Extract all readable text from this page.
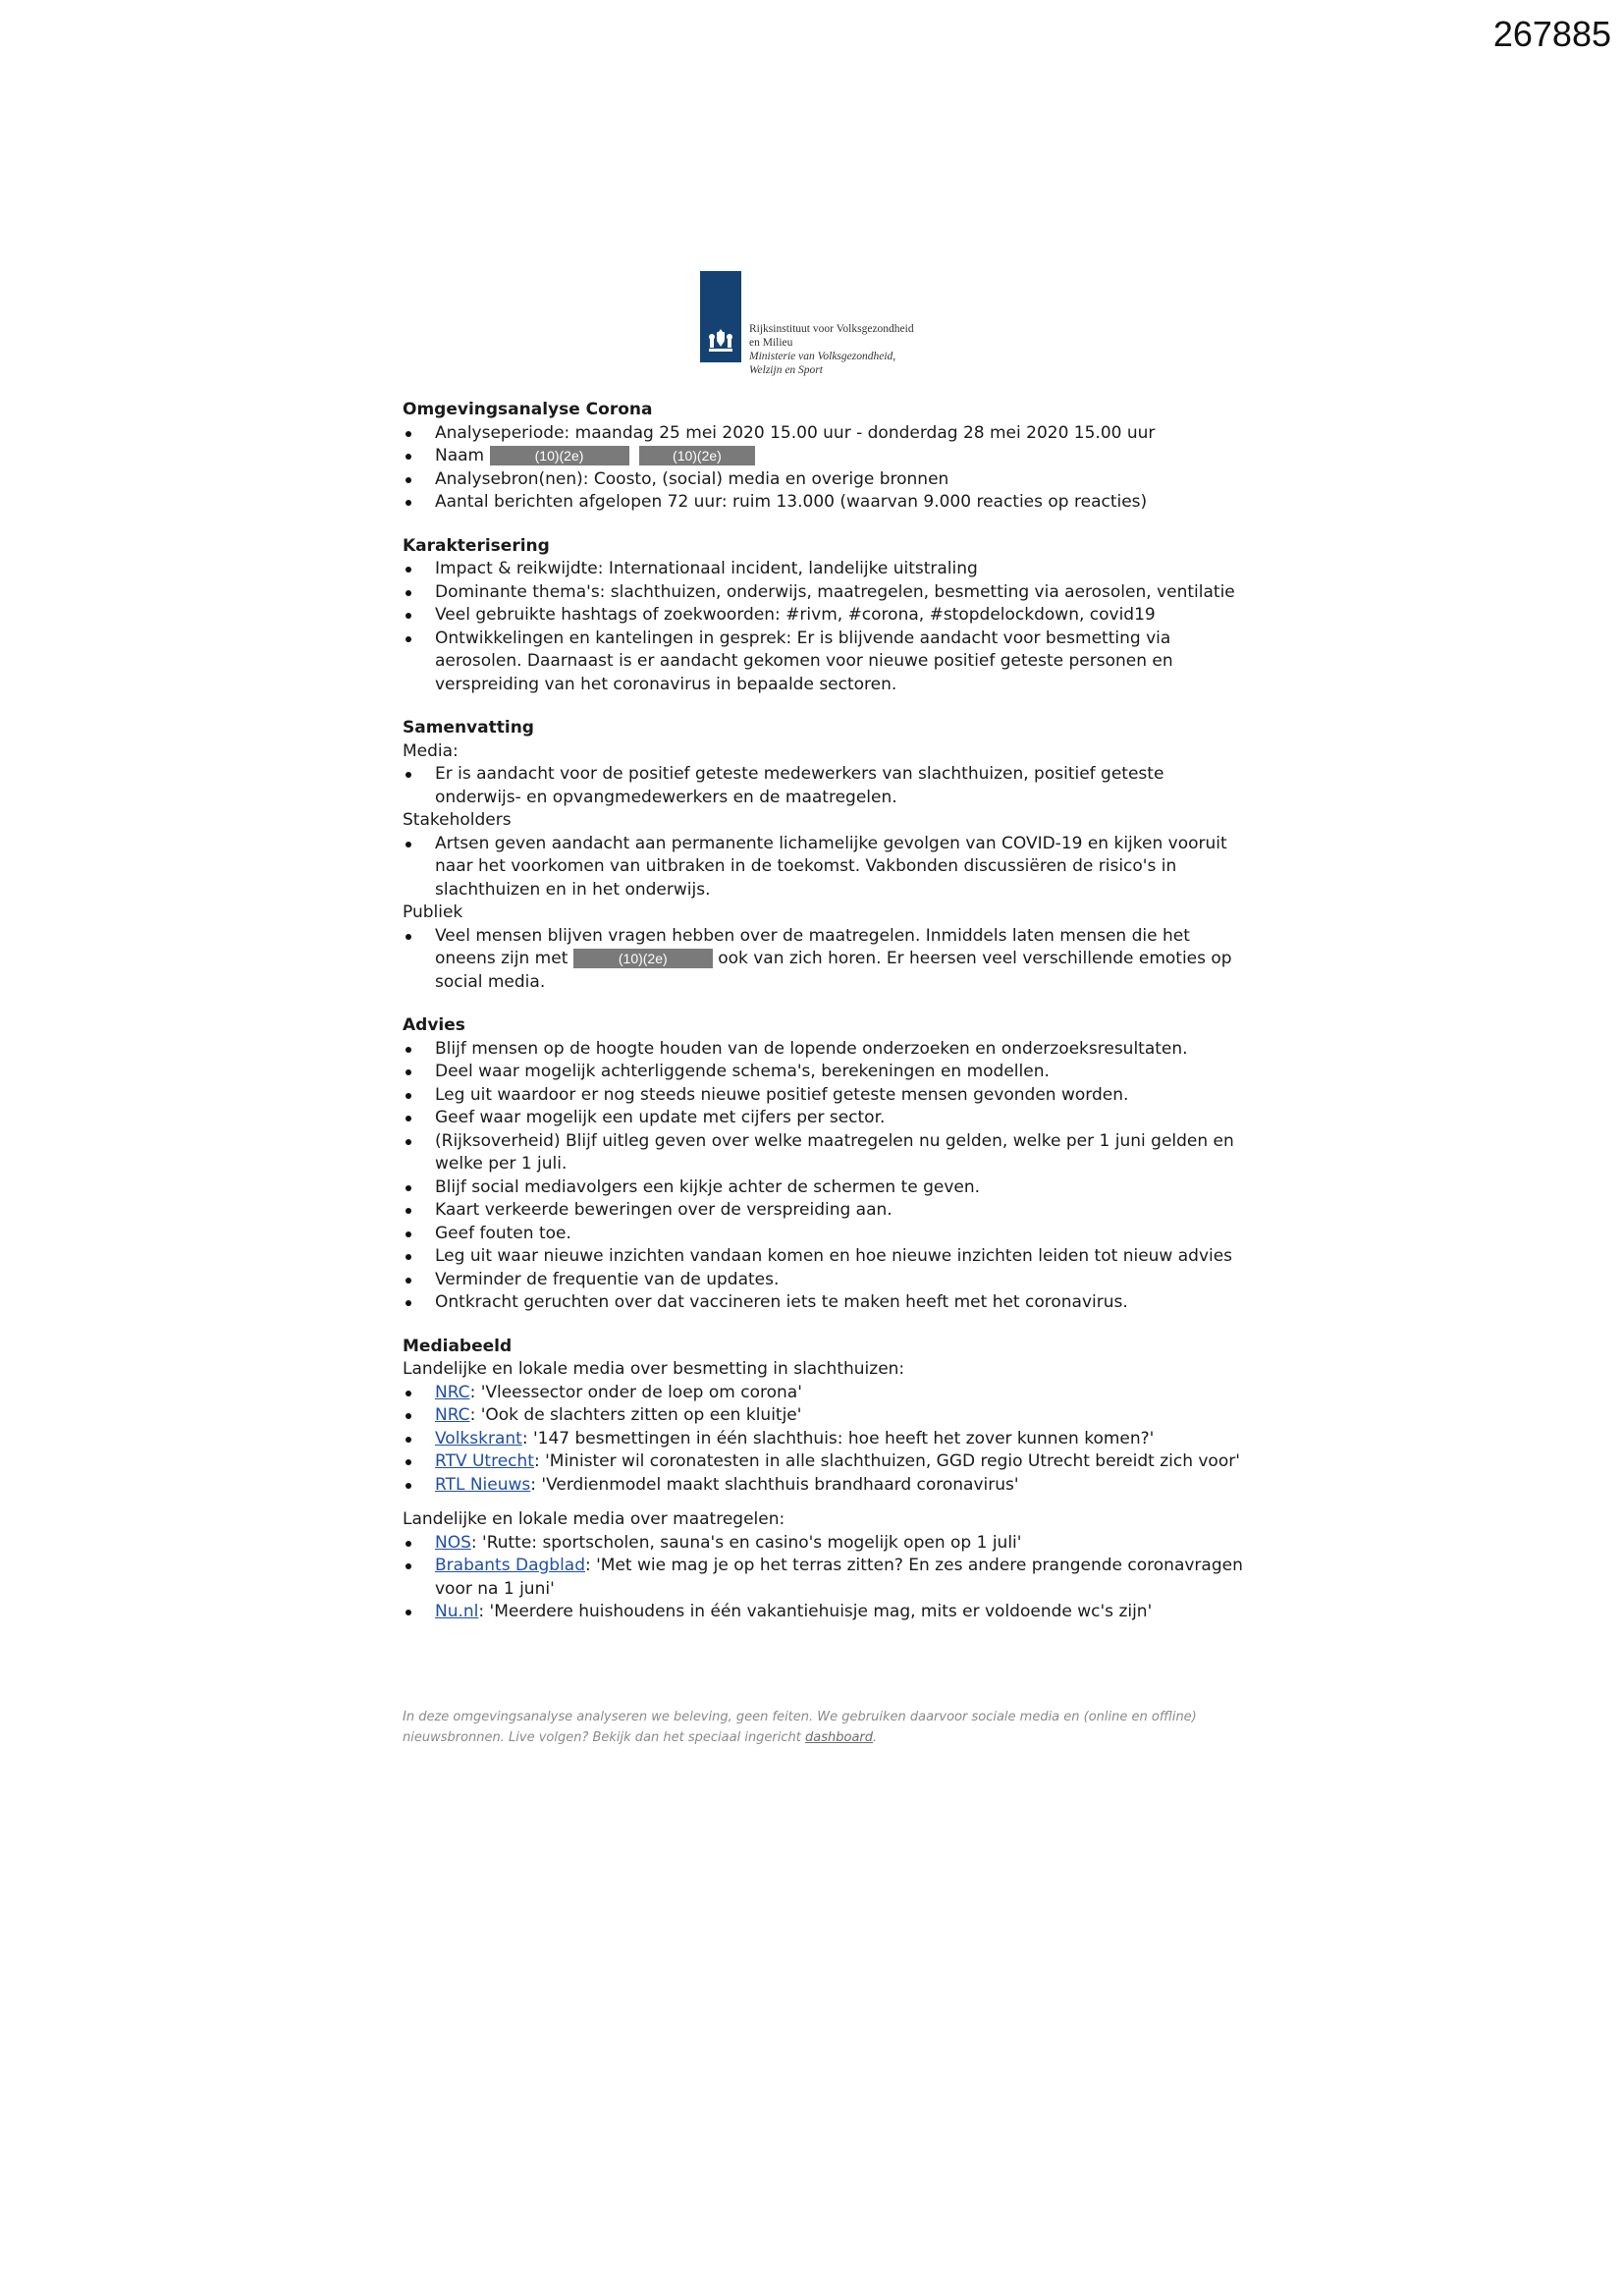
267885
Rijksinstituut voor Volksgezondheid
en Milieu
Ministerie van Volksgezondheid,
Welzijn en Sport

Omgevingsanalyse Corona

Analyseperiode: maandag 25 mei 2020 15.00 uur - donderdag 28 mei 2020 15.00 uur
Naam	(10)(2e)	(10)(2e)
Analysebron(nen): Coosto, (social) media en overige bronnen
Aantal berichten afgelopen 72 uur: ruim 13.000 (waarvan 9.000 reacties op reacties)

Karakterisering

Impact & reikwijdte: Internationaal incident, landelijke uitstraling
Dominante thema's: slachthuizen, onderwijs, maatregelen, besmetting via aerosolen, ventilatie
Veel gebruikte hashtags of zoekwoorden: #rivm, #corona, #stopdelockdown, covid19
Ontwikkelingen en kantelingen in gesprek: Er is blijvende aandacht voor besmetting via aerosolen. Daarnaast is er aandacht gekomen voor nieuwe positief geteste personen en verspreiding van het coronavirus in bepaalde sectoren.

Samenvatting

Media:

Er is aandacht voor de positief geteste medewerkers van slachthuizen, positief geteste onderwijs- en opvangmedewerkers en de maatregelen.

Stakeholders

Artsen geven aandacht aan permanente lichamelijke gevolgen van COVID-19 en kijken vooruit naar het voorkomen van uitbraken in de toekomst. Vakbonden discussiëren de risico's in slachthuizen en in het onderwijs.

Publiek

Veel mensen blijven vragen hebben over de maatregelen. Inmiddels laten mensen die het oneens zijn met	(10)(2e)	ook van zich horen. Er heersen veel verschillende emoties op social media.

Advies

Blijf mensen op de hoogte houden van de lopende onderzoeken en onderzoeksresultaten.
Deel waar mogelijk achterliggende schema's, berekeningen en modellen.
Leg uit waardoor er nog steeds nieuwe positief geteste mensen gevonden worden.
Geef waar mogelijk een update met cijfers per sector.
(Rijksoverheid) Blijf uitleg geven over welke maatregelen nu gelden, welke per 1 juni gelden en welke per 1 juli.
Blijf social mediavolgers een kijkje achter de schermen te geven.
Kaart verkeerde beweringen over de verspreiding aan.
Geef fouten toe.
Leg uit waar nieuwe inzichten vandaan komen en hoe nieuwe inzichten leiden tot nieuw advies
Verminder de frequentie van de updates.
Ontkracht geruchten over dat vaccineren iets te maken heeft met het coronavirus.

Mediabeeld

Landelijke en lokale media over besmetting in slachthuizen:

NRC: 'Vleessector onder de loep om corona'
NRC: 'Ook de slachters zitten op een kluitje'
Volkskrant: '147 besmettingen in één slachthuis: hoe heeft het zover kunnen komen?'
RTV Utrecht: 'Minister wil coronatesten in alle slachthuizen, GGD regio Utrecht bereidt zich voor'
RTL Nieuws: 'Verdienmodel maakt slachthuis brandhaard coronavirus'

Landelijke en lokale media over maatregelen:

NOS: 'Rutte: sportscholen, sauna's en casino's mogelijk open op 1 juli'
Brabants Dagblad: 'Met wie mag je op het terras zitten? En zes andere prangende coronavragen voor na 1 juni'
Nu.nl: 'Meerdere huishoudens in één vakantiehuisje mag, mits er voldoende wc's zijn'
In deze omgevingsanalyse analyseren we beleving, geen feiten. We gebruiken daarvoor sociale media en (online en offline) nieuwsbronnen. Live volgen? Bekijk dan het speciaal ingericht dashboard.
